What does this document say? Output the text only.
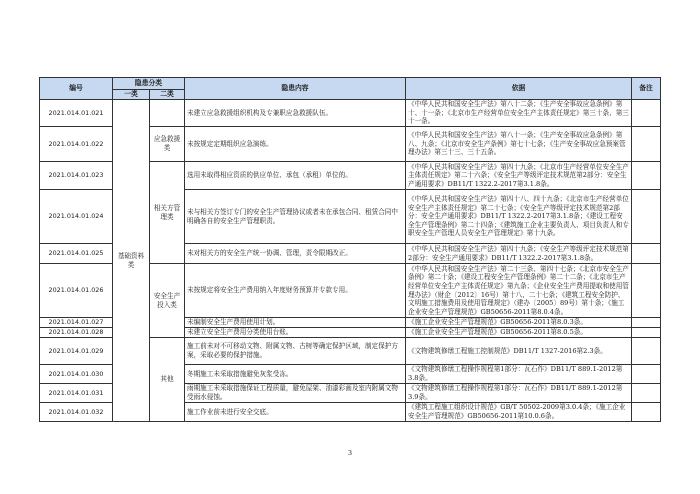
编号	隐患分类		隐患内容	依据	备注
	一类	二类			
2021.014.01.021	基础资料类		未建立应急救援组织机构及专兼职应急救援队伍。	《中华人民共和国安全生产法》第八十二条；《生产安全事故应急条例》第十、十一条；《北京市生产经营单位安全生产主体责任规定》第三十条、第三十一条。	
2021.014.01.022		应急救援类	未按规定定期组织应急演练。	《中华人民共和国安全生产法》第八十一条；《生产安全事故应急条例》第八、九条；《北京市安全生产条例》第七十七条；《生产安全事故应急预案管理办法》第三十三、三十五条。	
2021.014.01.023		相关方管理类	选用未取得相应资质的供应单位、承包（承租）单位的。	《中华人民共和国安全生产法》第四十九条；《北京市生产经营单位安全生产主体责任规定》第二十六条；《安全生产等级评定技术规范第2部分：安全生产通用要求》DB11/T 1322.2-2017第3.1.8条。	
2021.014.01.024			未与相关方签订专门的安全生产管理协议或者未在承包合同、租赁合同中明确各自的安全生产管理职责。	《中华人民共和国安全生产法》第四十八、四十九条；《北京市生产经营单位安全生产主体责任规定》第二十七条；《安全生产等级评定技术规范第2部分：安全生产通用要求》DB11/T 1322.2-2017第3.1.8条；《建设工程安全生产管理条例》第二十四条；《建筑施工企业主要负责人、项目负责人和专职安全生产管理人员安全生产管理规定》第十九条。	
2021.014.01.025			未对相关方的安全生产统一协调、管理，责令限期改正。	《中华人民共和国安全生产法》第四十九条；《安全生产等级评定技术规范第2部分：安全生产通用要求》DB11/T 1322.2-2017第3.1.8条。	
2021.014.01.026		安全生产投入类	未按规定将安全生产费用纳入年度财务预算并专款专用。	《中华人民共和国安全生产法》第二十三条、第四十七条；《北京市安全生产条例》第二十条；《建设工程安全生产管理条例》第二十二条；《北京市生产经营单位安全生产主体责任规定》第九条；《企业安全生产费用提取和使用管理办法》（财企〔2012〕16号）第十八、二十七条；《建筑工程安全防护、文明施工措施费用及使用管理规定》（建办〔2005〕89号）第十条；《施工企业安全生产管理规范》GB50656-2011第8.0.4条。	
2021.014.01.027			未编制安全生产费用使用计划。	《施工企业安全生产管理规范》GB50656-2011第8.0.3条。	
2021.014.01.028			未建立安全生产费用分类使用台账。	《施工企业安全生产管理规范》GB50656-2011第8.0.5条。	
2021.014.01.029		其他	施工前未对不可移动文物、附属文物、古树等确定保护区域，制定保护方案，采取必要的保护措施。	《文物建筑修缮工程施工控制规范》DB11/T 1327-2016第2.3条。	
2021.014.01.030			冬期施工未采取措施避免灰浆受冻。	《文物建筑修缮工程操作规程第1部分：瓦石作》DB11/T 889.1-2012第3.8条。	
2021.014.01.031			雨期施工未采取措施保证工程质量，避免屋架、油漆彩画及室内附属文物受雨水侵蚀。	《文物建筑修缮工程操作规程第1部分：瓦石作》DB11/T 889.1-2012第3.9条。	
2021.014.01.032			施工作业前未进行安全交底。	《建筑工程施工组织设计规范》GB/T 50502-2009第3.0.4条；《施工企业安全生产管理规范》GB50656-2011第10.0.6条。	
3
